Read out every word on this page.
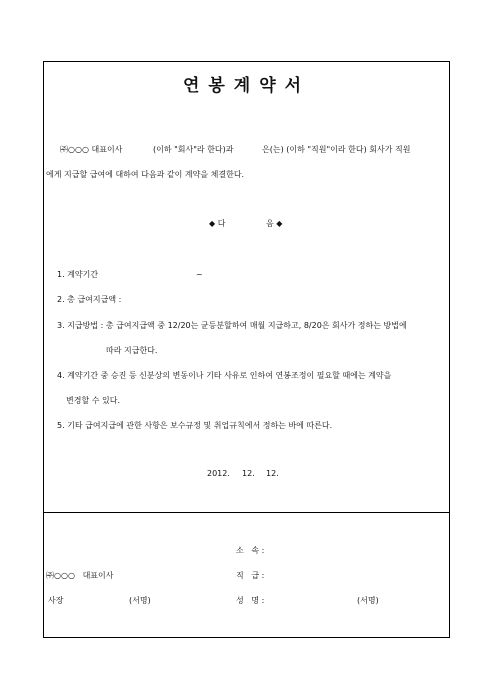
연봉계약서
㈜○○○ 대표이사	(이하 "회사"라 한다)과	은(는) (이하 "직원"이라 한다) 회사가 직원
에게 지급할 급여에 대하여 다음과 같이 계약을 체결한다.
◆ 다	음 ◆
1. 계약기간	~
2. 총 급여지급액 :
3. 지급방법 : 총 급여지급액 중 12/20는 균등분할하여 매월 지급하고, 8/20은 회사가 정하는 방법에
따라 지급한다.
4. 계약기간 중 승진 등 신분상의 변동이나 기타 사유로 인하여 연봉조정이 필요할 때에는 계약을
변경할 수 있다.
5. 기타 급여지급에 관한 사항은 보수규정 및 취업규칙에서 정하는 바에 따른다.
2012. 12. 12.
소   속 :
㈜○○○   대표이사	직   급 :
사장	(서명)	성   명 :	(서명)
